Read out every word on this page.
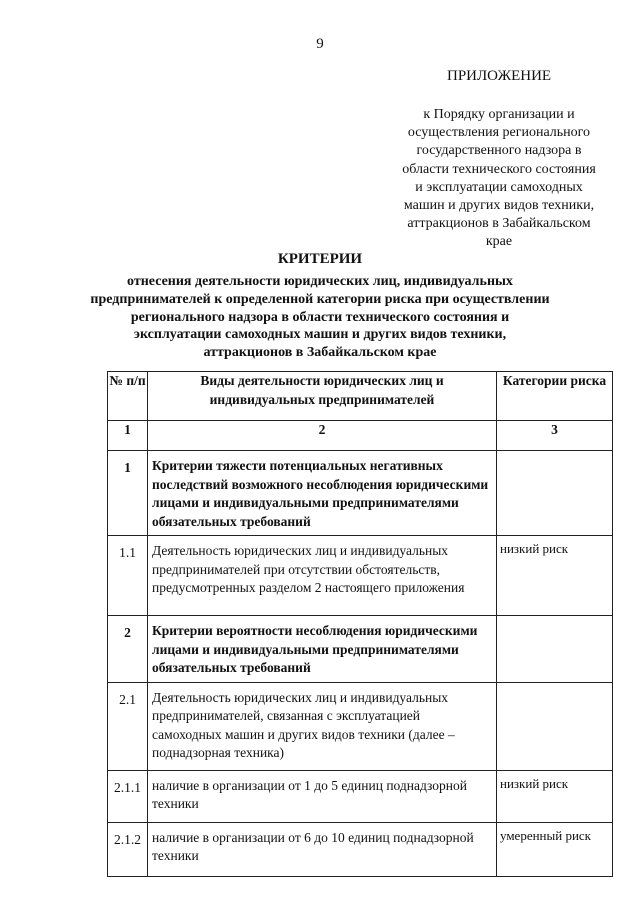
9
ПРИЛОЖЕНИЕ
к Порядку организации и
осуществления регионального
государственного надзора в
области технического состояния
и эксплуатации самоходных
машин и других видов техники,
аттракционов в Забайкальском
крае
КРИТЕРИИ
отнесения деятельности юридических лиц, индивидуальных
предпринимателей к определенной категории риска при осуществлении
регионального надзора в области технического состояния и
эксплуатации самоходных машин и других видов техники,
аттракционов в Забайкальском крае
№ п/п	Виды деятельности юридических лиц и индивидуальных предпринимателей	Категории риска
1	2	3
1	Критерии тяжести потенциальных негативных последствий возможного несоблюдения юридическими лицами и индивидуальными предпринимателями обязательных требований	
1.1	Деятельность юридических лиц и индивидуальных предпринимателей при отсутствии обстоятельств, предусмотренных разделом 2 настоящего приложения	низкий риск
2	Критерии вероятности несоблюдения юридическими лицами и индивидуальными предпринимателями обязательных требований	
2.1	Деятельность юридических лиц и индивидуальных предпринимателей, связанная с эксплуатацией самоходных машин и других видов техники (далее – поднадзорная техника)	
2.1.1	наличие в организации от 1 до 5 единиц поднадзорной техники	низкий риск
2.1.2	наличие в организации от 6 до 10 единиц поднадзорной техники	умеренный риск
